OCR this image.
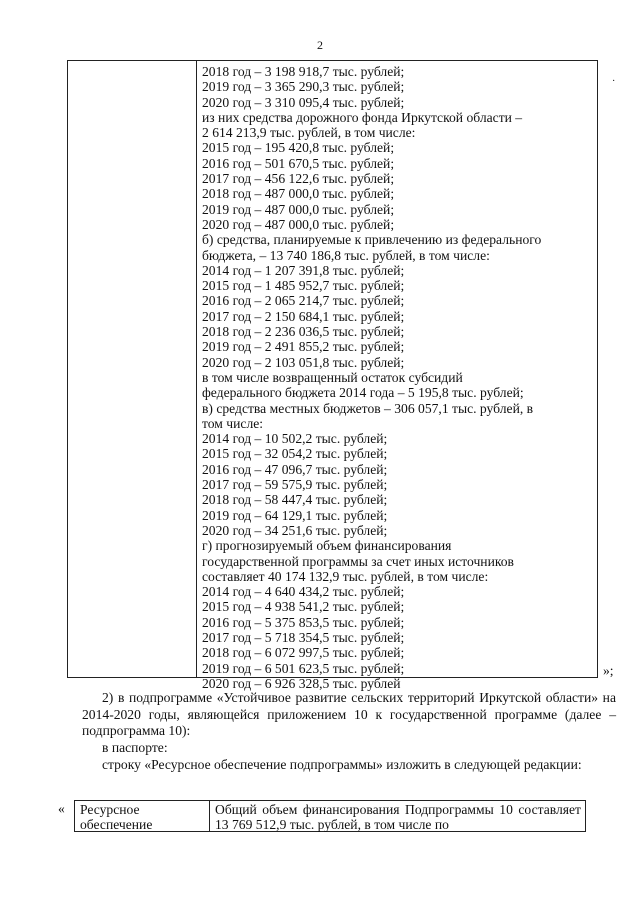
2
·
2018 год – 3 198 918,7 тыс. рублей;
2019 год – 3 365 290,3 тыс. рублей;
2020 год – 3 310 095,4 тыс. рублей;
из них средства дорожного фонда Иркутской области –
2 614 213,9 тыс. рублей, в том числе:
2015 год – 195 420,8 тыс. рублей;
2016 год – 501 670,5 тыс. рублей;
2017 год – 456 122,6 тыс. рублей;
2018 год – 487 000,0 тыс. рублей;
2019 год – 487 000,0 тыс. рублей;
2020 год – 487 000,0 тыс. рублей;
б) средства, планируемые к привлечению из федерального
бюджета, – 13 740 186,8 тыс. рублей, в том числе:
2014 год – 1 207 391,8 тыс. рублей;
2015 год – 1 485 952,7 тыс. рублей;
2016 год – 2 065 214,7 тыс. рублей;
2017 год – 2 150 684,1 тыс. рублей;
2018 год – 2 236 036,5 тыс. рублей;
2019 год – 2 491 855,2 тыс. рублей;
2020 год – 2 103 051,8 тыс. рублей;
в том числе возвращенный остаток субсидий
федерального бюджета 2014 года – 5 195,8 тыс. рублей;
в) средства местных бюджетов – 306 057,1 тыс. рублей, в
том числе:
2014 год – 10 502,2 тыс. рублей;
2015 год – 32 054,2 тыс. рублей;
2016 год – 47 096,7 тыс. рублей;
2017 год – 59 575,9 тыс. рублей;
2018 год – 58 447,4 тыс. рублей;
2019 год – 64 129,1 тыс. рублей;
2020 год – 34 251,6 тыс. рублей;
г) прогнозируемый объем финансирования
государственной программы за счет иных источников
составляет 40 174 132,9 тыс. рублей, в том числе:
2014 год – 4 640 434,2 тыс. рублей;
2015 год – 4 938 541,2 тыс. рублей;
2016 год – 5 375 853,5 тыс. рублей;
2017 год – 5 718 354,5 тыс. рублей;
2018 год – 6 072 997,5 тыс. рублей;
2019 год – 6 501 623,5 тыс. рублей;
2020 год – 6 926 328,5 тыс. рублей
»;
2) в подпрограмме «Устойчивое развитие сельских территорий Иркутской области» на 2014-2020 годы, являющейся приложением 10 к государственной программе (далее – подпрограмма 10):
в паспорте:
строку «Ресурсное обеспечение подпрограммы» изложить в следующей редакции:
« Ресурсное обеспечение
Общий объем финансирования Подпрограммы 10 составляет 13 769 512,9 тыс. рублей, в том числе по
